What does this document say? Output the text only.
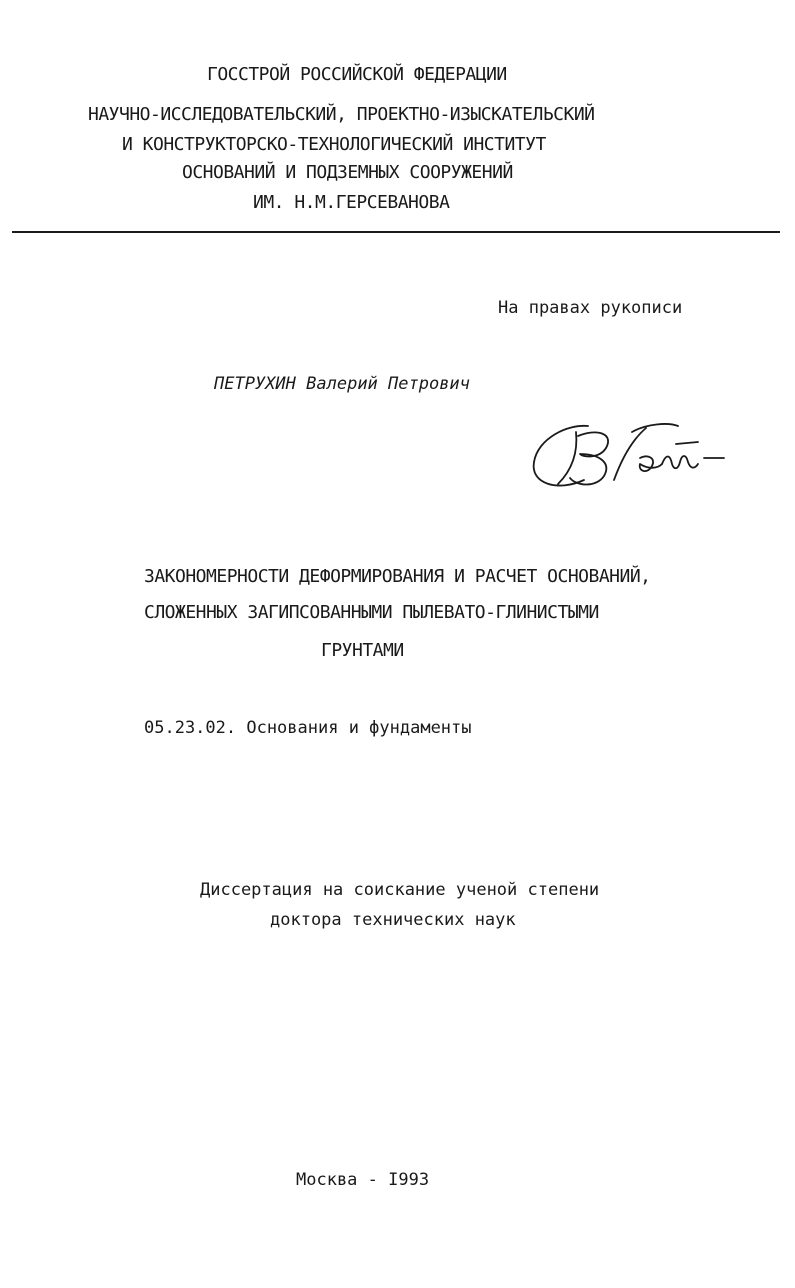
ГОССТРОЙ РОССИЙСКОЙ ФЕДЕРАЦИИ
НАУЧНО-ИССЛЕДОВАТЕЛЬСКИЙ, ПРОЕКТНО-ИЗЫСКАТЕЛЬСКИЙ
И КОНСТРУКТОРСКО-ТЕХНОЛОГИЧЕСКИЙ ИНСТИТУТ
ОСНОВАНИЙ И ПОДЗЕМНЫХ СООРУЖЕНИЙ
ИМ. Н.М.ГЕРСЕВАНОВА
На правах рукописи
ПЕТРУХИН Валерий Петрович
ЗАКОНОМЕРНОСТИ ДЕФОРМИРОВАНИЯ И РАСЧЕТ ОСНОВАНИЙ,
СЛОЖЕННЫХ ЗАГИПСОВАННЫМИ ПЫЛЕВАТО-ГЛИНИСТЫМИ
ГРУНТАМИ
05.23.02. Основания и фундаменты
Диссертация на соискание ученой степени
доктора технических наук
Москва - I993
